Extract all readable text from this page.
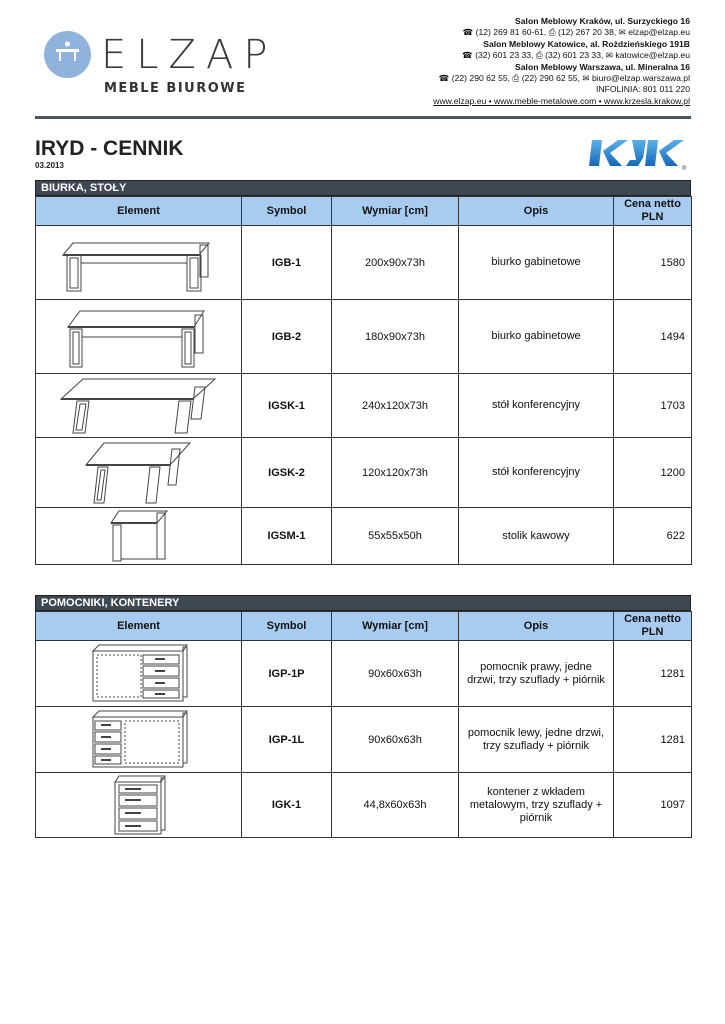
ELZAP
MEBLE BIUROWE
Salon Meblowy Kraków, ul. Surzyckiego 16
☎ (12) 269 81 60-61, ⎙ (12) 267 20 38, ✉ elzap@elzap.eu
Salon Meblowy Katowice, al. Rożdzieńskiego 191B
☎ (32) 601 23 33, ⎙ (32) 601 23 33, ✉ katowice@elzap.eu
Salon Meblowy Warszawa, ul. Mineralna 16
☎ (22) 290 62 55, ⎙ (22) 290 62 55, ✉ biuro@elzap.warszawa.pl
INFOLINIA: 801 011 220
www.elzap.eu • www.meble-metalowe.com • www.krzesla.krakow.pl
IRYD - CENNIK
03.2013	®
BIURKA, STOŁY
Element	Symbol	Wymiar [cm]	Opis	Cena netto PLN

	IGB-1	200x90x73h	biurko gabinetowe	1580

	IGB-2	180x90x73h	biurko gabinetowe	1494

	IGSK-1	240x120x73h	stół konferencyjny	1703

	IGSK-2	120x120x73h	stół konferencyjny	1200

	IGSM-1	55x55x50h	stolik kawowy	622
POMOCNIKI, KONTENERY
Element	Symbol	Wymiar [cm]	Opis	Cena netto PLN

	IGP-1P	90x60x63h	pomocnik prawy, jedne drzwi, trzy szuflady + piórnik	1281

	IGP-1L	90x60x63h	pomocnik lewy, jedne drzwi, trzy szuflady + piórnik	1281

	IGK-1	44,8x60x63h	kontener z wkładem metalowym, trzy szuflady + piórnik	1097
